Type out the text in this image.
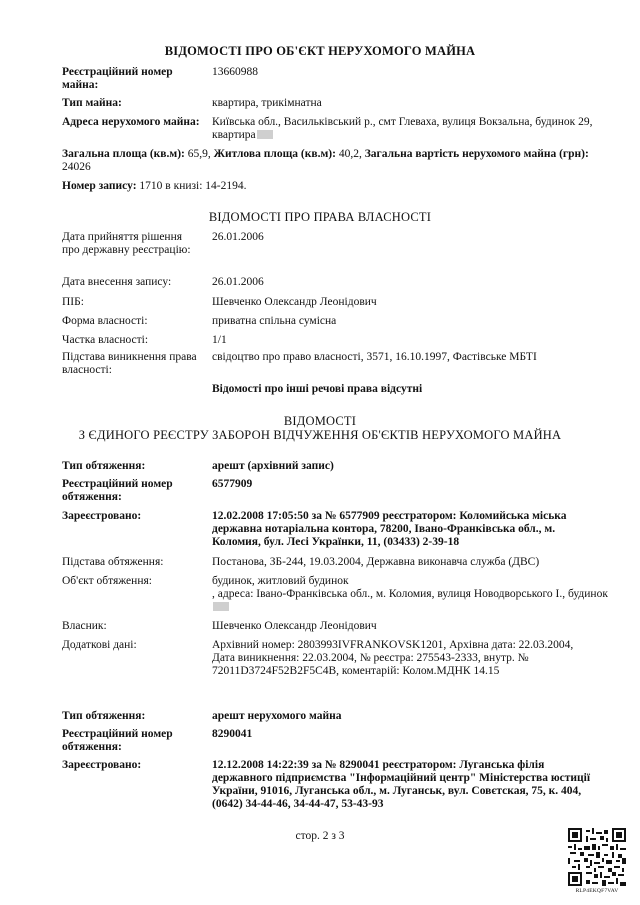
ВІДОМОСТІ ПРО ОБ'ЄКТ НЕРУХОМОГО МАЙНА
Реєстраційний номер майна:
13660988
Тип майна:	квартира, трикімнатна
Адреса нерухомого майна: Київська обл., Васильківський р., смт Глеваха, вулиця Вокзальна, будинок 29, квартира
Загальна площа (кв.м): 65,9, Житлова площа (кв.м): 40,2, Загальна вартість нерухомого майна (грн): 24026
Номер запису: 1710 в книзі: 14-2194.
ВІДОМОСТІ ПРО ПРАВА ВЛАСНОСТІ
Дата прийняття рішення про державну реєстрацію:
26.01.2006
Дата внесення запису:	26.01.2006
ПІБ:	Шевченко Олександр Леонідович
Форма власності:	приватна спільна сумісна
Частка власності:	1/1
Підстава виникнення права власності:
свідоцтво про право власності, 3571, 16.10.1997, Фастівське МБТІ
Відомості про інші речові права відсутні
ВІДОМОСТІ
З ЄДИНОГО РЕЄСТРУ ЗАБОРОН ВІДЧУЖЕННЯ ОБ'ЄКТІВ НЕРУХОМОГО МАЙНА
Тип обтяження:	арешт (архівний запис)
Реєстраційний номер обтяження:
6577909
Зареєстровано:	12.02.2008 17:05:50 за № 6577909 реєстратором: Коломийська міська державна нотаріальна контора, 78200, Івано-Франківська обл., м. Коломия, бул. Лесі Українки, 11, (03433) 2-39-18
Підстава обтяження:	Постанова, ЗБ-244, 19.03.2004, Державна виконавча служба (ДВС)
Об'єкт обтяження:	будинок, житловий будинок
, адреса: Івано-Франківська обл., м. Коломия, вулиця Новодворського І., будинок
Власник:	Шевченко Олександр Леонідович
Додаткові дані:	Архівний номер: 2803993IVFRANKOVSK1201, Архівна дата: 22.03.2004, Дата виникнення: 22.03.2004, № реєстра: 275543-2333, внутр. № 72011D3724F52B2F5C4B, коментарій: Колом.МДНК 14.15
Тип обтяження:	арешт нерухомого майна
Реєстраційний номер обтяження:
8290041
Зареєстровано:	12.12.2008 14:22:39 за № 8290041 реєстратором: Луганська філія державного підприємства "Інформаційний центр" Міністерства юстиції України, 91016, Луганська обл., м. Луганськ, вул. Совєтская, 75, к. 404, (0642) 34-44-46, 34-44-47, 53-43-93
стор. 2 з 3
RLP4EKQF7VAV
